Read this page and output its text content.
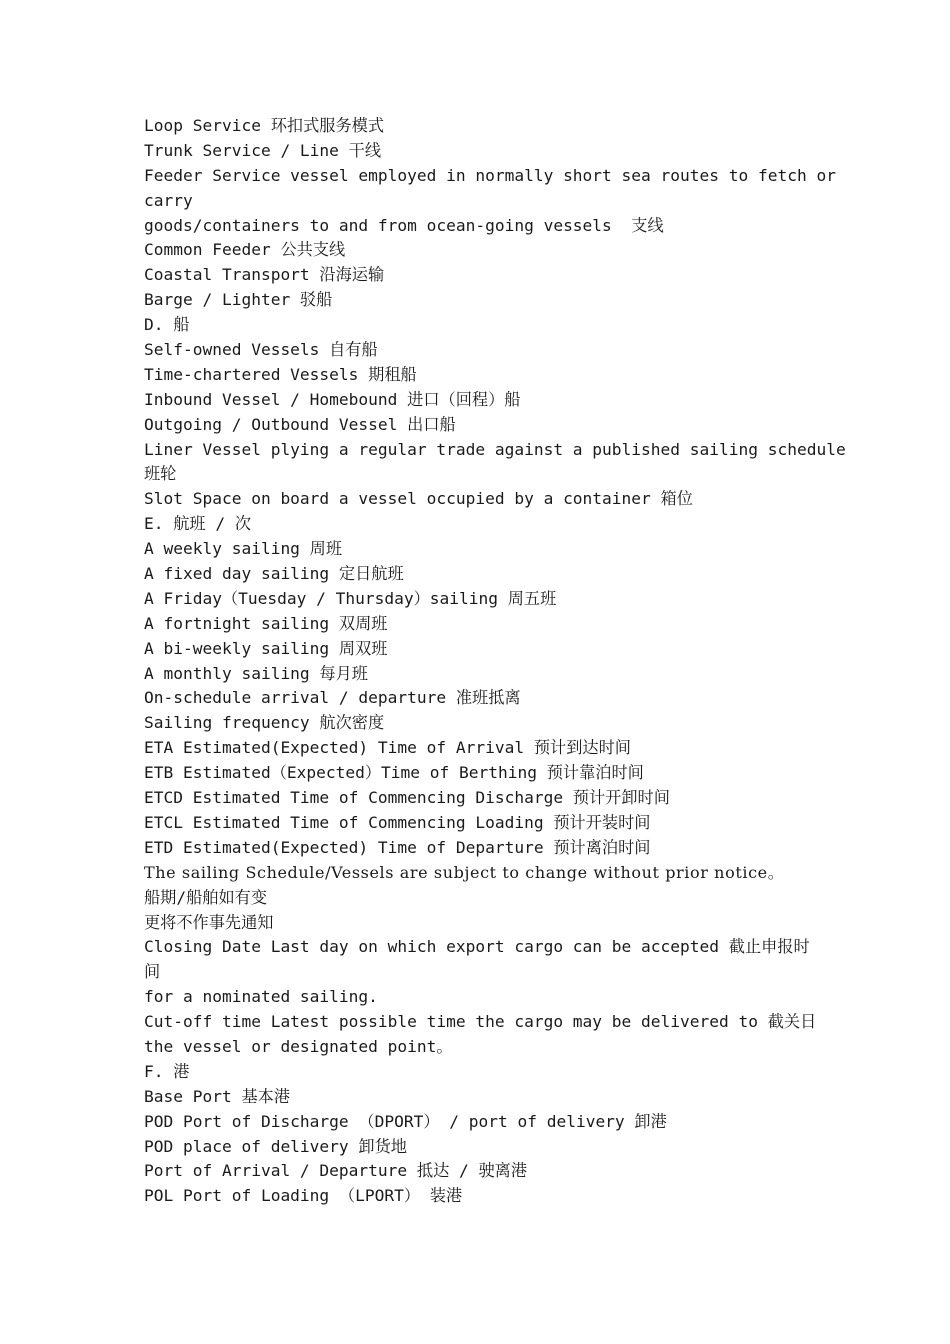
Loop Service 环扣式服务模式
Trunk Service / Line 干线
Feeder Service vessel employed in normally short sea routes to fetch or
carry
goods/containers to and from ocean-going vessels  支线
Common Feeder 公共支线
Coastal Transport 沿海运输
Barge / Lighter 驳船
D. 船
Self-owned Vessels 自有船
Time-chartered Vessels 期租船
Inbound Vessel / Homebound 进口（回程）船
Outgoing / Outbound Vessel 出口船
Liner Vessel plying a regular trade against a published sailing schedule
班轮
Slot Space on board a vessel occupied by a container 箱位
E. 航班 / 次
A weekly sailing 周班
A fixed day sailing 定日航班
A Friday（Tuesday / Thursday）sailing 周五班
A fortnight sailing 双周班
A bi-weekly sailing 周双班
A monthly sailing 每月班
On-schedule arrival / departure 准班抵离
Sailing frequency 航次密度
ETA Estimated(Expected) Time of Arrival 预计到达时间
ETB Estimated（Expected）Time of Berthing 预计靠泊时间
ETCD Estimated Time of Commencing Discharge 预计开卸时间
ETCL Estimated Time of Commencing Loading 预计开装时间
ETD Estimated(Expected) Time of Departure 预计离泊时间
The sailing Schedule/Vessels are subject to change without prior notice。
船期/船舶如有变
更将不作事先通知
Closing Date Last day on which export cargo can be accepted 截止申报时
间
for a nominated sailing.
Cut-off time Latest possible time the cargo may be delivered to 截关日
the vessel or designated point。
F. 港
Base Port 基本港
POD Port of Discharge （DPORT） / port of delivery 卸港
POD place of delivery 卸货地
Port of Arrival / Departure 抵达 / 驶离港
POL Port of Loading （LPORT） 装港
